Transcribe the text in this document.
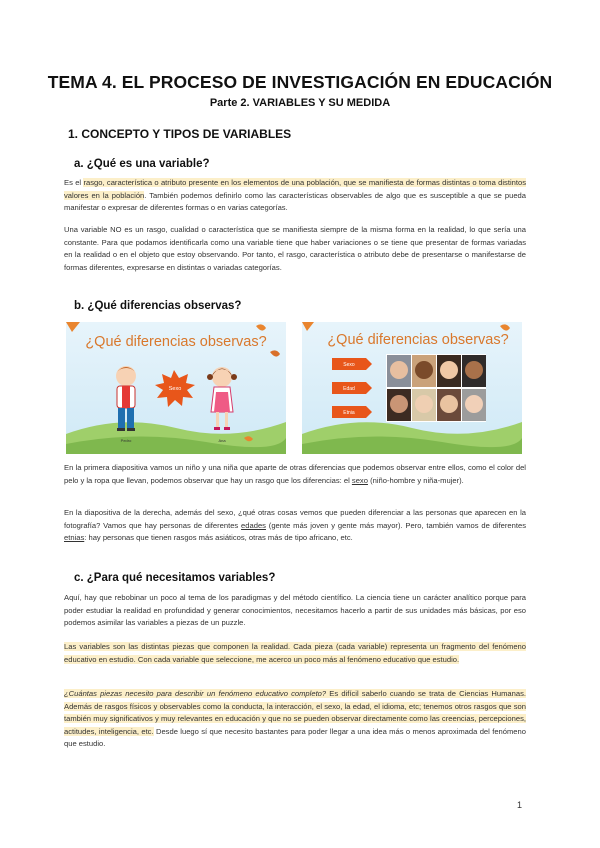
TEMA 4. EL PROCESO DE INVESTIGACIÓN EN EDUCACIÓN
Parte 2. VARIABLES Y SU MEDIDA
1. CONCEPTO Y TIPOS DE VARIABLES
a. ¿Qué es una variable?
Es el rasgo, característica o atributo presente en los elementos de una población, que se manifiesta de formas distintas o toma distintos valores en la población. También podemos definirlo como las características observables de algo que es susceptible a que se pueda manifestar o expresar de diferentes formas o en varias categorías.
Una variable NO es un rasgo, cualidad o característica que se manifiesta siempre de la misma forma en la realidad, lo que sería una constante. Para que podamos identificarla como una variable tiene que haber variaciones o se tiene que presentar de formas variadas en la realidad o en el objeto que estoy observando. Por tanto, el rasgo, característica o atributo debe de presentarse o manifestarse de formas diferentes, expresarse en distintas o variadas categorías.
b. ¿Qué diferencias observas?
¿Qué diferencias observas?
Pedro
Sexo
Ana
¿Qué diferencias observas?
Sexo
Edad
Etnia
En la primera diapositiva vamos un niño y una niña que aparte de otras diferencias que podemos observar entre ellos, como el color del pelo y la ropa que llevan, podemos observar que hay un rasgo que los diferencias: el sexo (niño-hombre y niña-mujer).
En la diapositiva de la derecha, además del sexo, ¿qué otras cosas vemos que pueden diferenciar a las personas que aparecen en la fotografía? Vamos que hay personas de diferentes edades (gente más joven y gente más mayor). Pero, también vamos de diferentes etnias: hay personas que tienen rasgos más asiáticos, otras más de tipo africano, etc.
c. ¿Para qué necesitamos variables?
Aquí, hay que rebobinar un poco al tema de los paradigmas y del método científico. La ciencia tiene un carácter analítico porque para poder estudiar la realidad en profundidad y generar conocimientos, necesitamos hacerlo a partir de sus unidades más básicas, por eso podemos asimilar las variables a piezas de un puzzle.
Las variables son las distintas piezas que componen la realidad. Cada pieza (cada variable) representa un fragmento del fenómeno educativo en estudio. Con cada variable que seleccione, me acerco un poco más al fenómeno educativo que estudio.
¿Cuántas piezas necesito para describir un fenómeno educativo completo? Es difícil saberlo cuando se trata de Ciencias Humanas. Además de rasgos físicos y observables como la conducta, la interacción, el sexo, la edad, el idioma, etc; tenemos otros rasgos que son también muy significativos y muy relevantes en educación y que no se pueden observar directamente como las creencias, percepciones, actitudes, inteligencia, etc. Desde luego sí que necesito bastantes para poder llegar a una idea más o menos aproximada del fenómeno que estudio.
1
